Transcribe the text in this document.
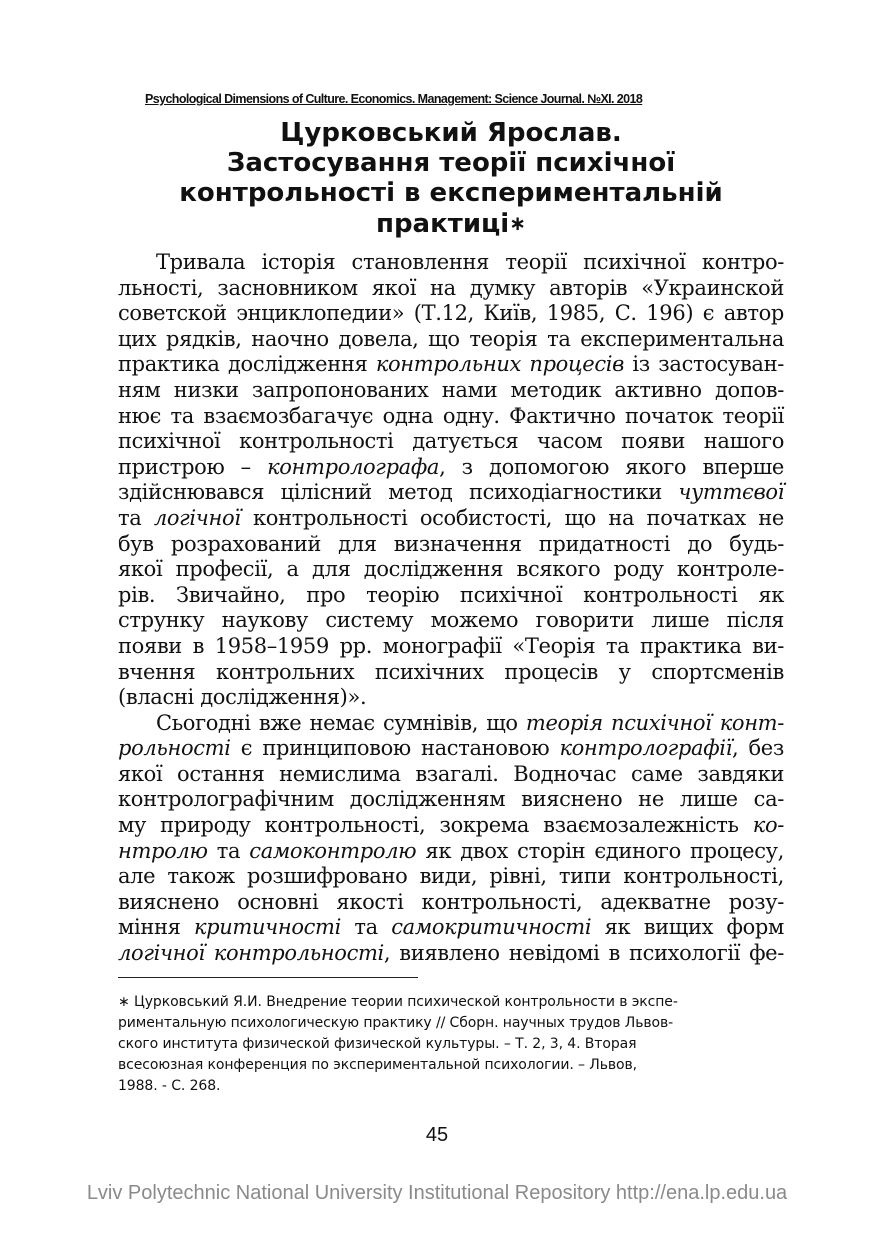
Psychological Dimensions of Culture. Economics. Management: Science Journal. №XI. 2018
Цурковський Ярослав.
Застосування теорії психічної
контрольності в експериментальній
практиці∗
Тривала історія становлення теорії психічної контро-
льності, засновником якої на думку авторів «Украинской
советской энциклопедии» (Т.12, Київ, 1985, С. 196) є автор
цих рядків, наочно довела, що теорія та експериментальна
практика дослідження контрольних процесів із застосуван-
ням низки запропонованих нами методик активно допов-
нює та взаємозбагачує одна одну. Фактично початок теорії
психічної контрольності датується часом появи нашого
пристрою – контролографа, з допомогою якого вперше
здійснювався цілісний метод психодіагностики чуттєвої
та логічної контрольності особистості, що на початках не
був розрахований для визначення придатності до будь-
якої професії, а для дослідження всякого роду контроле-
рів. Звичайно, про теорію психічної контрольності як
струнку наукову систему можемо говорити лише після
появи в 1958–1959 рр. монографії «Теорія та практика ви-
вчення контрольних психічних процесів у спортсменів
(власні дослідження)».
Сьогодні вже немає сумнівів, що теорія психічної конт-
рольності є принциповою настановою контролографії, без
якої остання немислима взагалі. Водночас саме завдяки
контролографічним дослідженням вияснено не лише са-
му природу контрольності, зокрема взаємозалежність ко-
нтролю та самоконтролю як двох сторін єдиного процесу,
але також розшифровано види, рівні, типи контрольності,
вияснено основні якості контрольності, адекватне розу-
міння критичності та самокритичності як вищих форм
логічної контрольності, виявлено невідомі в психології фе-
∗ Цурковський Я.И. Внедрение теории психической контрольности в экспе-
риментальную психологическую практику // Сборн. научных трудов Львов-
ского института физической физической культуры. – Т. 2, 3, 4. Вторая
всесоюзная конференция по экспериментальной психологии. – Львов,
1988. - С. 268.
45
Lviv Polytechnic National University Institutional Repository http://ena.lp.edu.ua
